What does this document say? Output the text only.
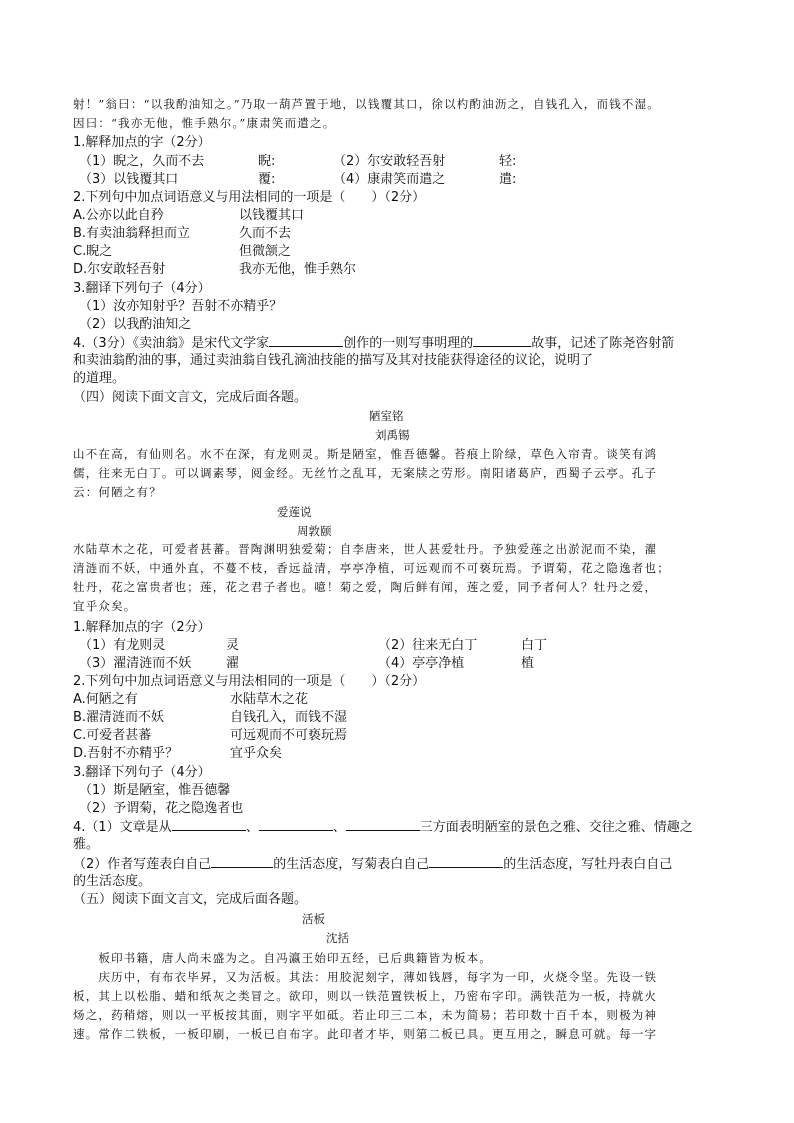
射！”翁曰：“以我酌油知之。”乃取一葫芦置于地，以钱覆其口，徐以杓酌油沥之，自钱孔入，而钱不湿。
因曰：“我亦无他，惟手熟尔。”康肃笑而遣之。
1.解释加点的字（2分）
（1）睨之，久而不去	睨:	（2）尔安敢轻吾射	轻:
（3）以钱覆其口	覆:	（4）康肃笑而遣之	遣:
2.下列句中加点词语意义与用法相同的一项是（　　）（2分）
A.公亦以此自矜	以钱覆其口
B.有卖油翁释担而立	久而不去
C.睨之	但微颔之
D.尔安敢轻吾射	我亦无他，惟手熟尔
3.翻译下列句子（4分）
（1）汝亦知射乎？吾射不亦精乎？
（2）以我酌油知之
4.（3分）《卖油翁》是宋代文学家	创作的一则写事明理的	故事，记述了陈尧咨射箭
和卖油翁酌油的事，通过卖油翁自钱孔滴油技能的描写及其对技能获得途径的议论，说明了
的道理。
（四）阅读下面文言文，完成后面各题。
陋室铭
刘禹锡
山不在高，有仙则名。水不在深，有龙则灵。斯是陋室，惟吾德馨。苔痕上阶绿，草色入帘青。谈笑有鸿
儒，往来无白丁。可以调素琴，阅金经。无丝竹之乱耳，无案牍之劳形。南阳诸葛庐，西蜀子云亭。孔子
云：何陋之有？
爱莲说
周敦颐
水陆草木之花，可爱者甚蕃。晋陶渊明独爱菊；自李唐来，世人甚爱牡丹。予独爱莲之出淤泥而不染，濯
清涟而不妖，中通外直，不蔓不枝，香远益清，亭亭净植，可远观而不可亵玩焉。予谓菊，花之隐逸者也；
牡丹，花之富贵者也；莲，花之君子者也。噫！菊之爱，陶后鲜有闻，莲之爱，同予者何人？牡丹之爱，
宜乎众矣。
1.解释加点的字（2分）
（1）有龙则灵	灵	（2）往来无白丁	白丁
（3）濯清涟而不妖	濯	（4）亭亭净植	植
2.下列句中加点词语意义与用法相同的一项是（　　）（2分）
A.何陋之有	水陆草木之花
B.濯清涟而不妖	自钱孔入，而钱不湿
C.可爱者甚蕃	可远观而不可亵玩焉
D.吾射不亦精乎？	宜乎众矣
3.翻译下列句子（4分）
（1）斯是陋室，惟吾德馨
（2）予谓菊，花之隐逸者也
4.（1）文章是从	、	、	三方面表明陋室的景色之雅、交往之雅、情趣之
雅。
（2）作者写莲表白自己	的生活态度，写菊表白自己	的生活态度，写牡丹表白自己
的生活态度。
（五）阅读下面文言文，完成后面各题。
活板
沈括
　　板印书籍，唐人尚未盛为之。自冯瀛王始印五经，已后典籍皆为板本。
　　庆历中，有布衣毕昇，又为活板。其法：用胶泥刻字，薄如钱唇，每字为一印，火烧令坚。先设一铁
板，其上以松脂、蜡和纸灰之类冒之。欲印，则以一铁范置铁板上，乃密布字印。满铁范为一板，持就火
炀之，药稍熔，则以一平板按其面，则字平如砥。若止印三二本，未为简易；若印数十百千本，则极为神
速。常作二铁板，一板印刷，一板已自布字。此印者才毕，则第二板已具。更互用之，瞬息可就。每一字
